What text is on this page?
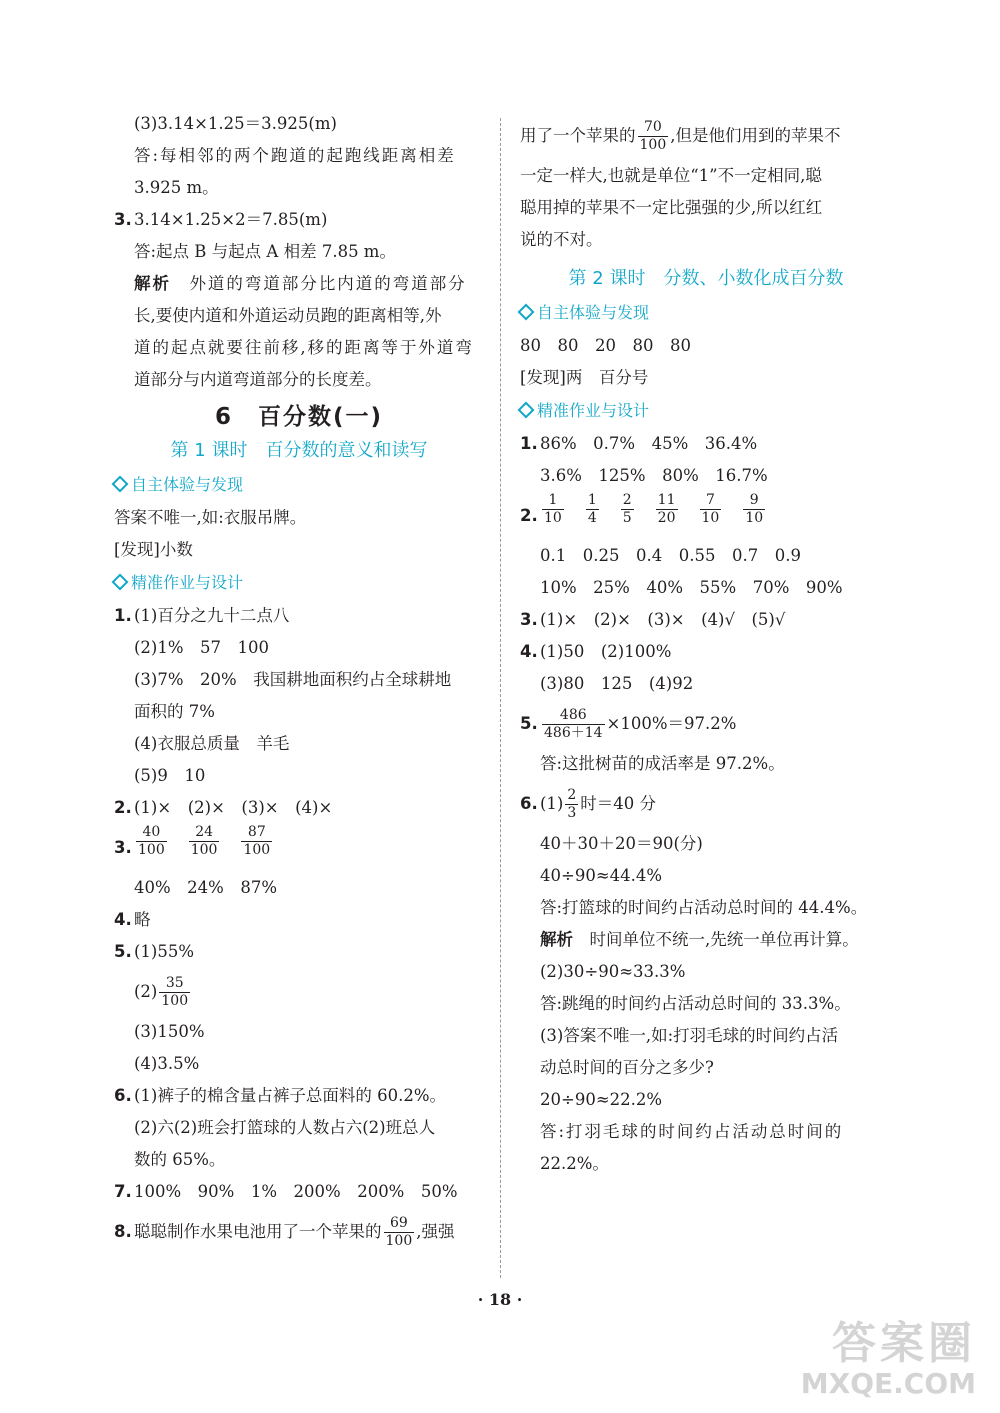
(3)3.14×1.25＝3.925(m)
答:每相邻的两个跑道的起跑线距离相差
3.925 m。
3. 3.14×1.25×2＝7.85(m)
答:起点 B 与起点 A 相差 7.85 m。
解析　 外道的弯道部分比内道的弯道部分
长,要使内道和外道运动员跑的距离相等,外
道的起点就要往前移,移的距离等于外道弯
道部分与内道弯道部分的长度差。
6　百分数(一)
第 1 课时　百分数的意义和读写
自主体验与发现
答案不唯一,如:衣服吊牌。
[发现]小数
精准作业与设计
1. (1)百分之九十二点八
(2)1%　57　100
(3)7%　20%　我国耕地面积约占全球耕地
面积的 7%
(4)衣服总质量　羊毛
(5)9　10
2. (1)×　(2)×　(3)×　(4)×
3. $\frac{40}{100} \frac{24}{100} \frac{87}{100}$
40%　24%　87%
4. 略
5. (1)55%
$(2) \frac{35}{100}$
(3)150%
(4)3.5%
6. (1)裤子的棉含量占裤子总面料的 60.2%。
(2)六(2)班会打篮球的人数占六(2)班总人
数的 65%。
7. 100%　90%　1%　200%　200%　50%
8. 聪聪制作水果电池用了一个苹果的 $\frac{69}{100}$ ,强强
用了一个苹果的 $\frac{70}{100}$ ,但是他们用到的苹果不
一定一样大,也就是单位“1”不一定相同,聪
聪用掉的苹果不一定比强强的少,所以红红
说的不对。
第 2 课时　分数、小数化成百分数
自主体验与发现
80　80　20　80　80
[发现]两　百分号
精准作业与设计
1. 86%　0.7%　45%　36.4%
3.6%　125%　80%　16.7%
2. $\frac{1}{10} \frac{1}{4} \frac{2}{5} \frac{11}{20} \frac{7}{10} \frac{9}{10}$
0.1　0.25　0.4　0.55　0.7　0.9
10%　25%　40%　55%　70%　90%
3. (1)×　(2)×　(3)×　(4)√　(5)√
4. (1)50　(2)100%
(3)80　125　(4)92
5. $\frac{486}{486+14} \times 100\%=97.2\%$
答:这批树苗的成活率是 97.2%。
6. $(1) \frac{2}{3}$ 时＝40 分
40＋30＋20＝90(分)
40÷90≈44.4%
答:打篮球的时间约占活动总时间的 44.4%。
解析　 时间单位不统一,先统一单位再计算。
(2)30÷90≈33.3%
答:跳绳的时间约占活动总时间的 33.3%。
(3)答案不唯一,如:打羽毛球的时间约占活
动总时间的百分之多少?
20÷90≈22.2%
答:打羽毛球的时间约占活动总时间的
22.2%。
· 18 ·
答案圈
MXQE.COM
